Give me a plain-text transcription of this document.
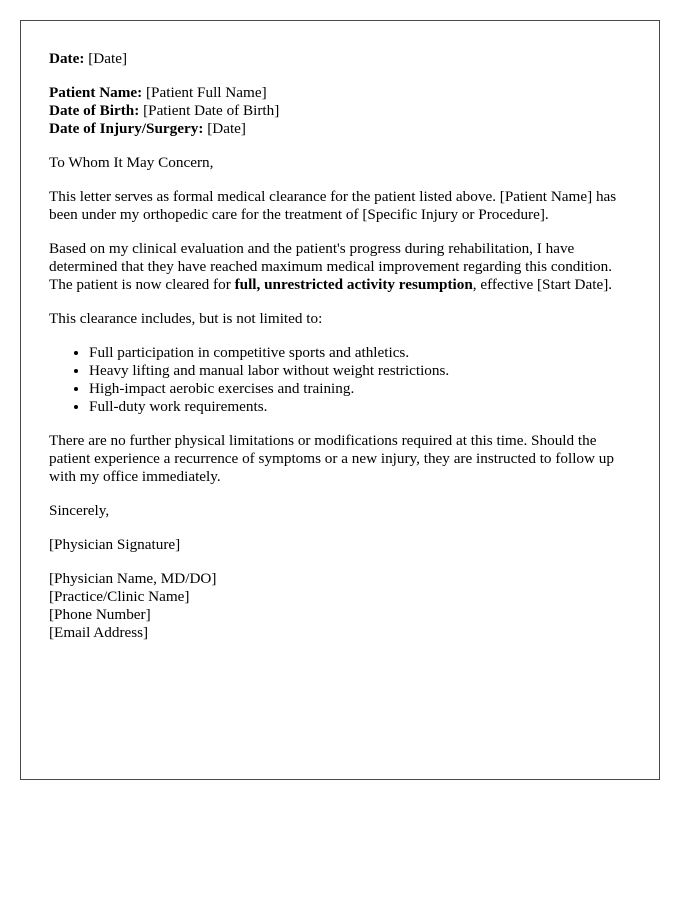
Date: [Date]
Patient Name: [Patient Full Name]
Date of Birth: [Patient Date of Birth]
Date of Injury/Surgery: [Date]

To Whom It May Concern,

This letter serves as formal medical clearance for the patient listed above. [Patient Name] has been under my orthopedic care for the treatment of [Specific Injury or Procedure].

Based on my clinical evaluation and the patient's progress during rehabilitation, I have determined that they have reached maximum medical improvement regarding this condition. The patient is now cleared for full, unrestricted activity resumption, effective [Start Date].

This clearance includes, but is not limited to:

• Full participation in competitive sports and athletics.
• Heavy lifting and manual labor without weight restrictions.
• High-impact aerobic exercises and training.
• Full-duty work requirements.

There are no further physical limitations or modifications required at this time. Should the patient experience a recurrence of symptoms or a new injury, they are instructed to follow up with my office immediately.

Sincerely,

[Physician Signature]

[Physician Name, MD/DO]
[Practice/Clinic Name]
[Phone Number]
[Email Address]
